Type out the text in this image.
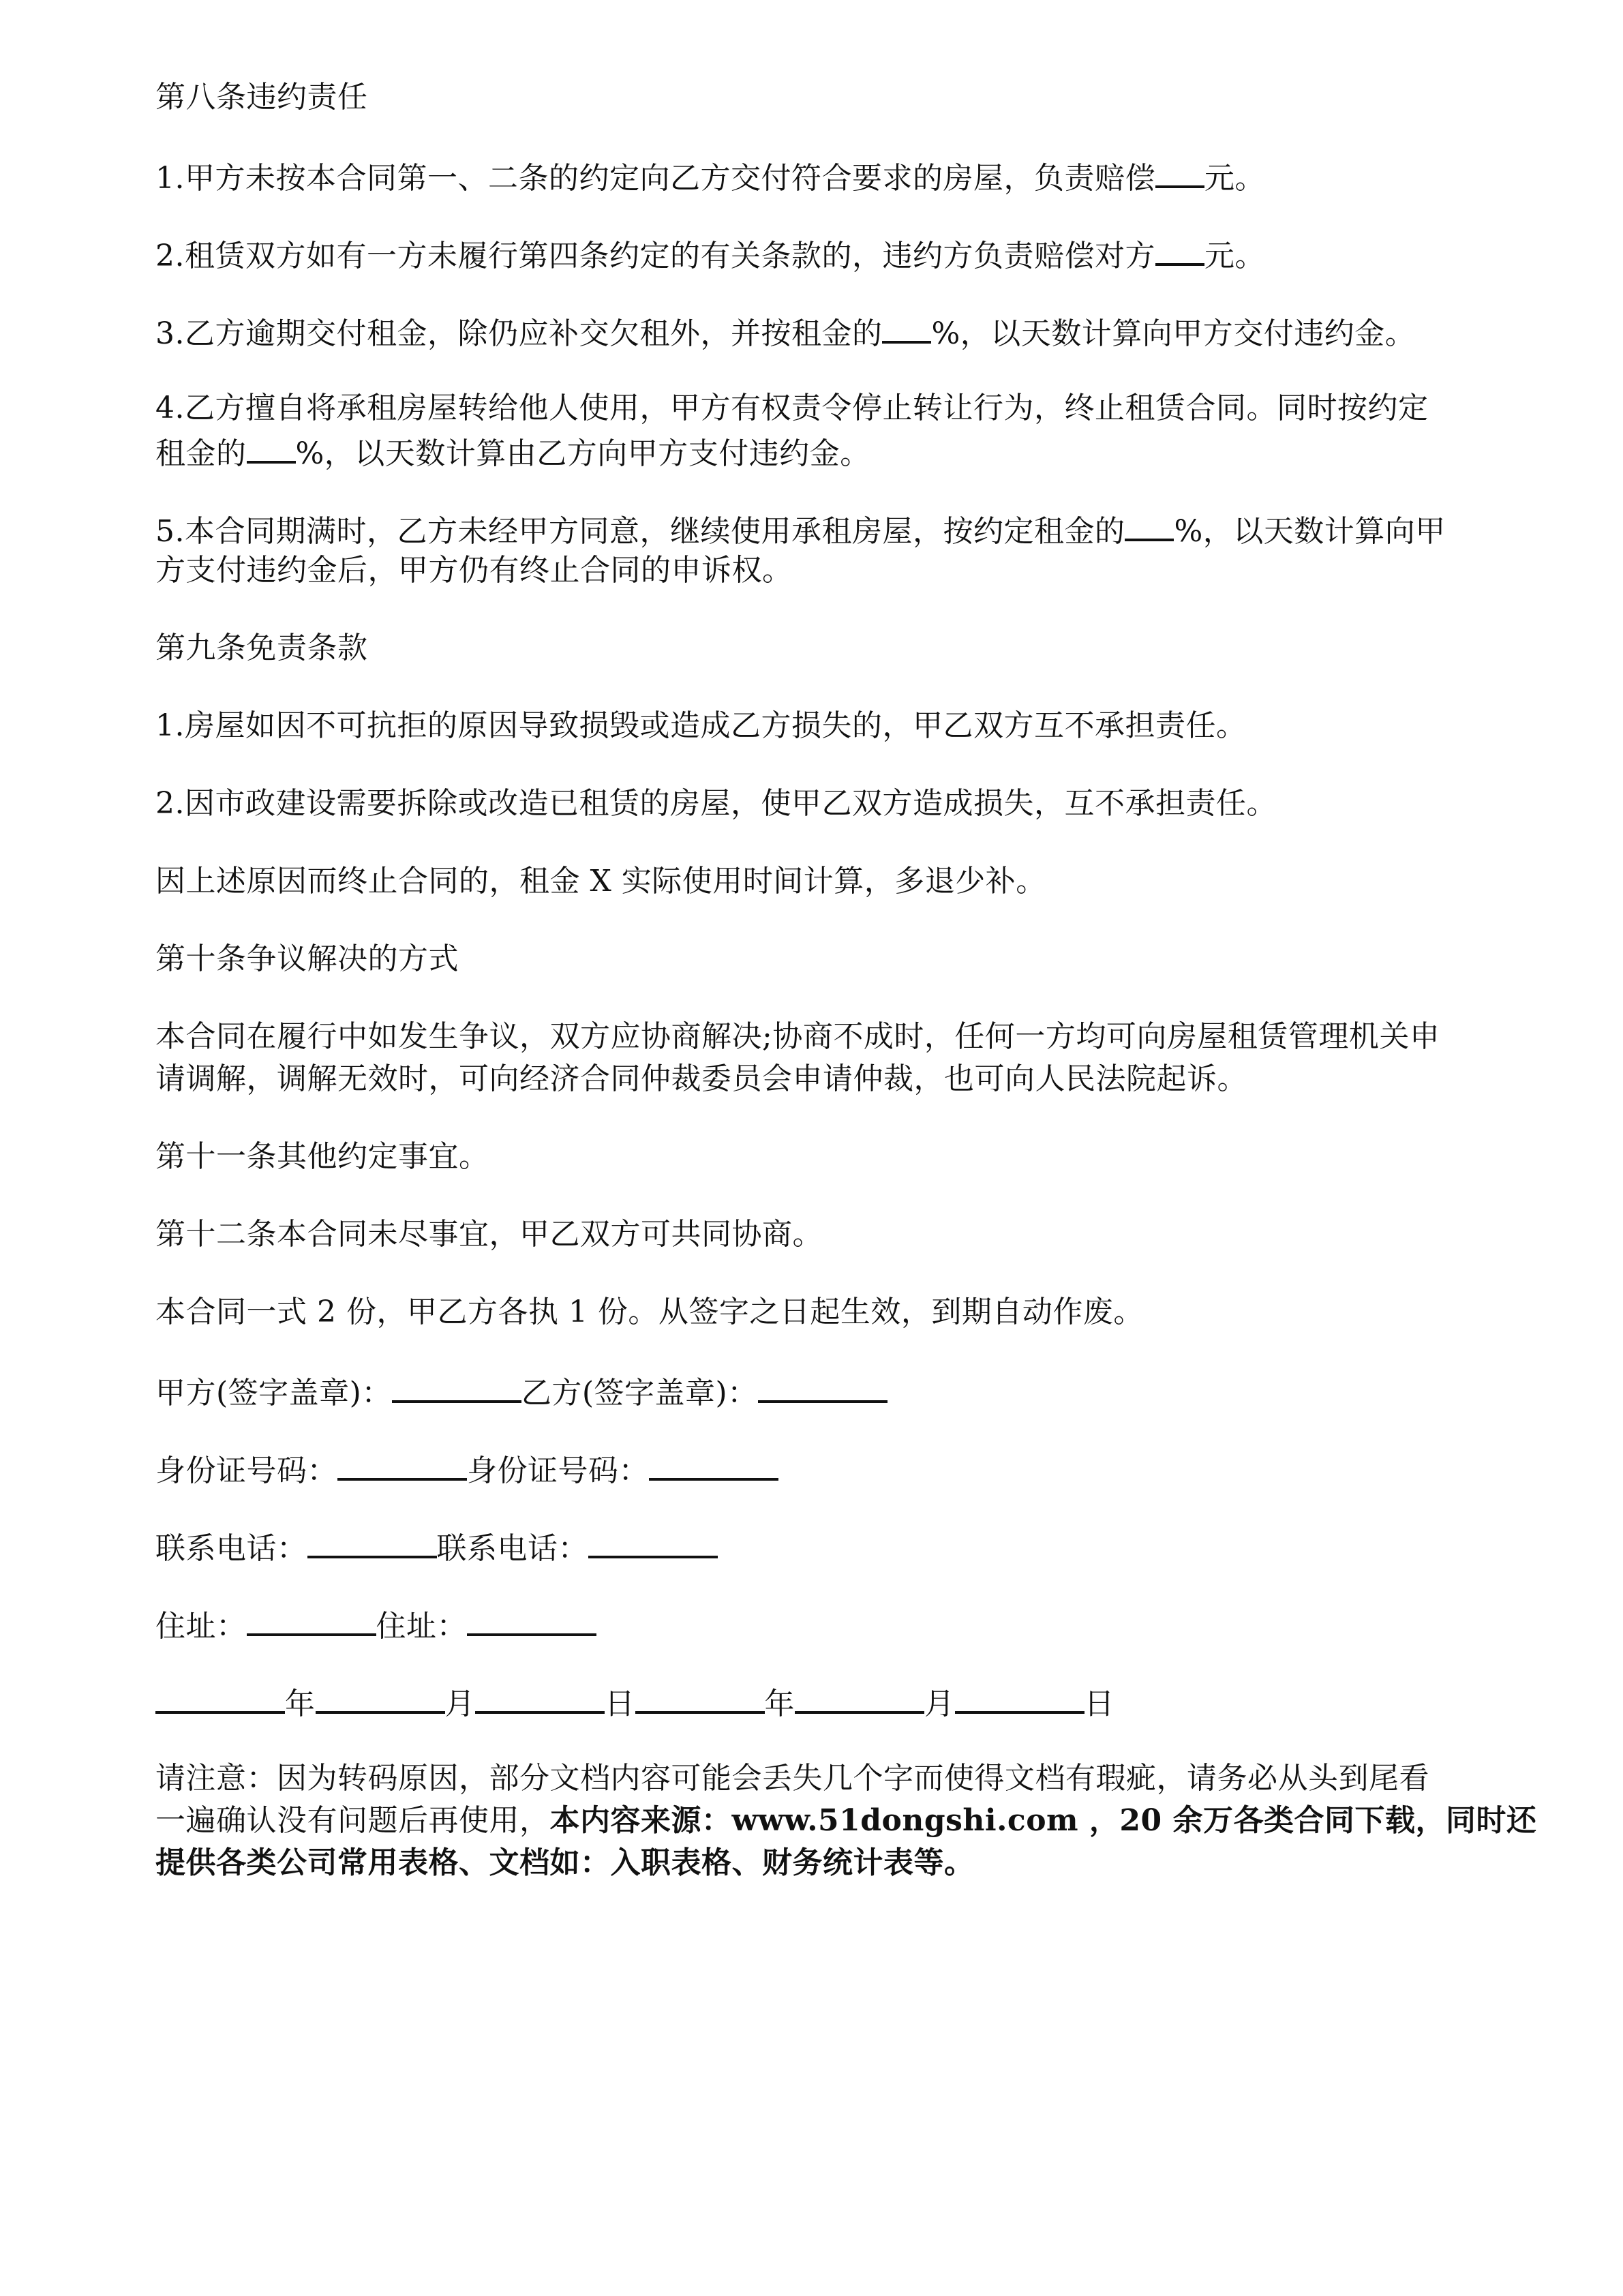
第八条违约责任
1.甲方未按本合同第一、二条的约定向乙方交付符合要求的房屋，负责赔偿 元。
2.租赁双方如有一方未履行第四条约定的有关条款的，违约方负责赔偿对方 元。
3.乙方逾期交付租金，除仍应补交欠租外，并按租金的 %，以天数计算向甲方交付违约金。
4.乙方擅自将承租房屋转给他人使用，甲方有权责令停止转让行为，终止租赁合同。同时按约定
租金的 %，以天数计算由乙方向甲方支付违约金。
5.本合同期满时，乙方未经甲方同意，继续使用承租房屋，按约定租金的 %，以天数计算向甲
方支付违约金后，甲方仍有终止合同的申诉权。
第九条免责条款
1.房屋如因不可抗拒的原因导致损毁或造成乙方损失的，甲乙双方互不承担责任。
2.因市政建设需要拆除或改造已租赁的房屋，使甲乙双方造成损失，互不承担责任。
因上述原因而终止合同的，租金 X 实际使用时间计算，多退少补。
第十条争议解决的方式
本合同在履行中如发生争议，双方应协商解决;协商不成时，任何一方均可向房屋租赁管理机关申
请调解，调解无效时，可向经济合同仲裁委员会申请仲裁，也可向人民法院起诉。
第十一条其他约定事宜。
第十二条本合同未尽事宜，甲乙双方可共同协商。
本合同一式 2 份，甲乙方各执 1 份。从签字之日起生效，到期自动作废。
甲方(签字盖章)：	乙方(签字盖章)：
身份证号码：	身份证号码：
联系电话：	联系电话：
住址：	住址：
年	月	日	年	月	日
请注意：因为转码原因，部分文档内容可能会丢失几个字而使得文档有瑕疵，请务必从头到尾看
一遍确认没有问题后再使用，本内容来源：www.51dongshi.com ，20 余万各类合同下载，同时还
提供各类公司常用表格、文档如：入职表格、财务统计表等。
